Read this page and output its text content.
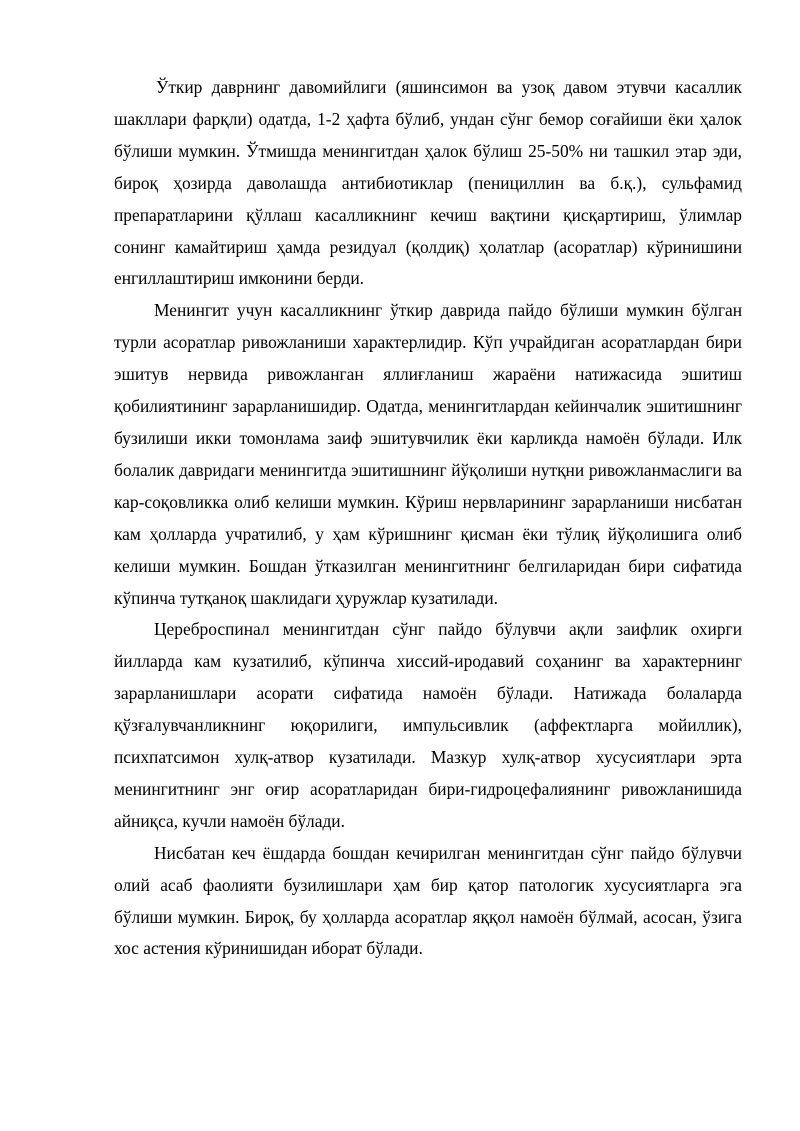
Ўткир даврнинг давомийлиги (яшинсимон ва узоқ давом этувчи касаллик шакллари фарқли) одатда, 1-2 ҳафта бўлиб, ундан сўнг бемор соғайиши ёки ҳалок бўлиши мумкин. Ўтмишда менингитдан ҳалок бўлиш 25-50% ни ташкил этар эди, бироқ ҳозирда даволашда антибиотиклар (пенициллин ва б.қ.), сульфамид препаратларини қўллаш касалликнинг кечиш вақтини қисқартириш, ўлимлар сонинг камайтириш ҳамда резидуал (қолдиқ) ҳолатлар (асоратлар) кўринишини енгиллаштириш имконини берди.

Менингит учун касалликнинг ўткир даврида пайдо бўлиши мумкин бўлган турли асоратлар ривожланиши характерлидир. Кўп учрайдиган асоратлардан бири эшитув нервида ривожланган яллиғланиш жараёни натижасида эшитиш қобилиятининг зарарланишидир. Одатда, менингитлардан кейинчалик эшитишнинг бузилиши икки томонлама заиф эшитувчилик ёки карликда намоён бўлади. Илк болалик давридаги менингитда эшитишнинг йўқолиши нутқни ривожланмаслиги ва кар-соқовликка олиб келиши мумкин. Кўриш нервларининг зарарланиши нисбатан кам ҳолларда учратилиб, у ҳам кўришнинг қисман ёки тўлиқ йўқолишига олиб келиши мумкин. Бошдан ўтказилган менингитнинг белгиларидан бири сифатида кўпинча тутқаноқ шаклидаги ҳуружлар кузатилади.

Цереброспинал менингитдан сўнг пайдо бўлувчи ақли заифлик охирги йилларда кам кузатилиб, кўпинча хиссий-иродавий соҳанинг ва характернинг зарарланишлари асорати сифатида намоён бўлади. Натижада болаларда қўзғалувчанликнинг юқорилиги, импульсивлик (аффектларга мойиллик), психпатсимон хулқ-атвор кузатилади. Мазкур хулқ-атвор хусусиятлари эрта менингитнинг энг оғир асоратларидан бири-гидроцефалиянинг ривожланишида айниқса, кучли намоён бўлади.

Нисбатан кеч ёшдарда бошдан кечирилган менингитдан сўнг пайдо бўлувчи олий асаб фаолияти бузилишлари ҳам бир қатор патологик хусусиятларга эга бўлиши мумкин. Бироқ, бу ҳолларда асоратлар яққол намоён бўлмай, асосан, ўзига хос астения кўринишидан иборат бўлади.
